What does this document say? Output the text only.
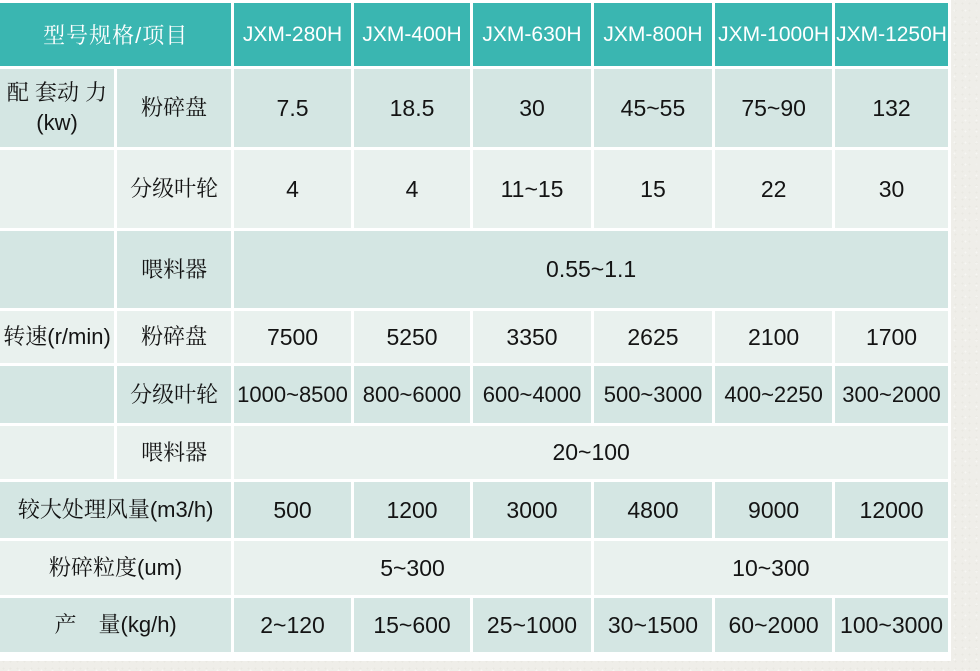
型号规格/项目		JXM-280H	JXM-400H	JXM-630H	JXM-800H	JXM-1000H	JXM-1250H
配 套动 力 (kw)	粉碎盘	7.5	18.5	30	45~55	75~90	132
	分级叶轮	4	4	11~15	15	22	30
	喂料器	0.55~1.1					
转速(r/min)	粉碎盘	7500	5250	3350	2625	2100	1700
	分级叶轮	1000~8500	800~6000	600~4000	500~3000	400~2250	300~2000
	喂料器	20~100					
较大处理风量(m3/h)		500	1200	3000	4800	9000	12000
粉碎粒度(um)		5~300			10~300		
产　量(kg/h)		2~120	15~600	25~1000	30~1500	60~2000	100~3000
